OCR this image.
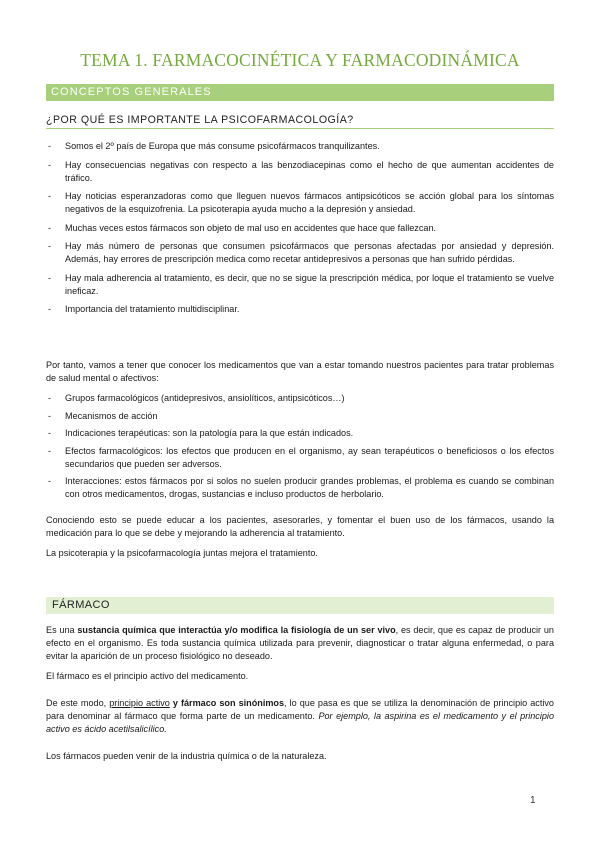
TEMA 1. FARMACOCINÉTICA Y FARMACODINÁMICA
CONCEPTOS GENERALES
¿POR QUÉ ES IMPORTANTE LA PSICOFARMACOLOGÍA?
- Somos el 2º país de Europa que más consume psicofármacos tranquilizantes.
- Hay consecuencias negativas con respecto a las benzodiacepinas como el hecho de que aumentan accidentes de tráfico.
- Hay noticias esperanzadoras como que lleguen nuevos fármacos antipsicóticos se acción global para los síntomas negativos de la esquizofrenia. La psicoterapia ayuda mucho a la depresión y ansiedad.
- Muchas veces estos fármacos son objeto de mal uso en accidentes que hace que fallezcan.
- Hay más número de personas que consumen psicofármacos que personas afectadas por ansiedad y depresión. Además, hay errores de prescripción medica como recetar antidepresivos a personas que han sufrido pérdidas.
- Hay mala adherencia al tratamiento, es decir, que no se sigue la prescripción médica, por loque el tratamiento se vuelve ineficaz.
- Importancia del tratamiento multidisciplinar.

Por tanto, vamos a tener que conocer los medicamentos que van a estar tomando nuestros pacientes para tratar problemas de salud mental o afectivos:

- Grupos farmacológicos (antidepresivos, ansiolíticos, antipsicóticos…)
- Mecanismos de acción
- Indicaciones terapéuticas: son la patología para la que están indicados.
- Efectos farmacológicos: los efectos que producen en el organismo, ay sean terapéuticos o beneficiosos o los efectos secundarios que pueden ser adversos.
- Interacciones: estos fármacos por si solos no suelen producir grandes problemas, el problema es cuando se combinan con otros medicamentos, drogas, sustancias e incluso productos de herbolario.

Conociendo esto se puede educar a los pacientes, asesorarles, y fomentar el buen uso de los fármacos, usando la medicación para lo que se debe y mejorando la adherencia al tratamiento.

La psicoterapia y la psicofarmacología juntas mejora el tratamiento.

FÁRMACO

Es una sustancia química que interactúa y/o modifica la fisiología de un ser vivo, es decir, que es capaz de producir un efecto en el organismo. Es toda sustancia química utilizada para prevenir, diagnosticar o tratar alguna enfermedad, o para evitar la aparición de un proceso fisiológico no deseado.

El fármaco es el principio activo del medicamento.

De este modo, principio activo y fármaco son sinónimos, lo que pasa es que se utiliza la denominación de principio activo para denominar al fármaco que forma parte de un medicamento. Por ejemplo, la aspirina es el medicamento y el principio activo es ácido acetilsalicílico.

Los fármacos pueden venir de la industria química o de la naturaleza.

1
